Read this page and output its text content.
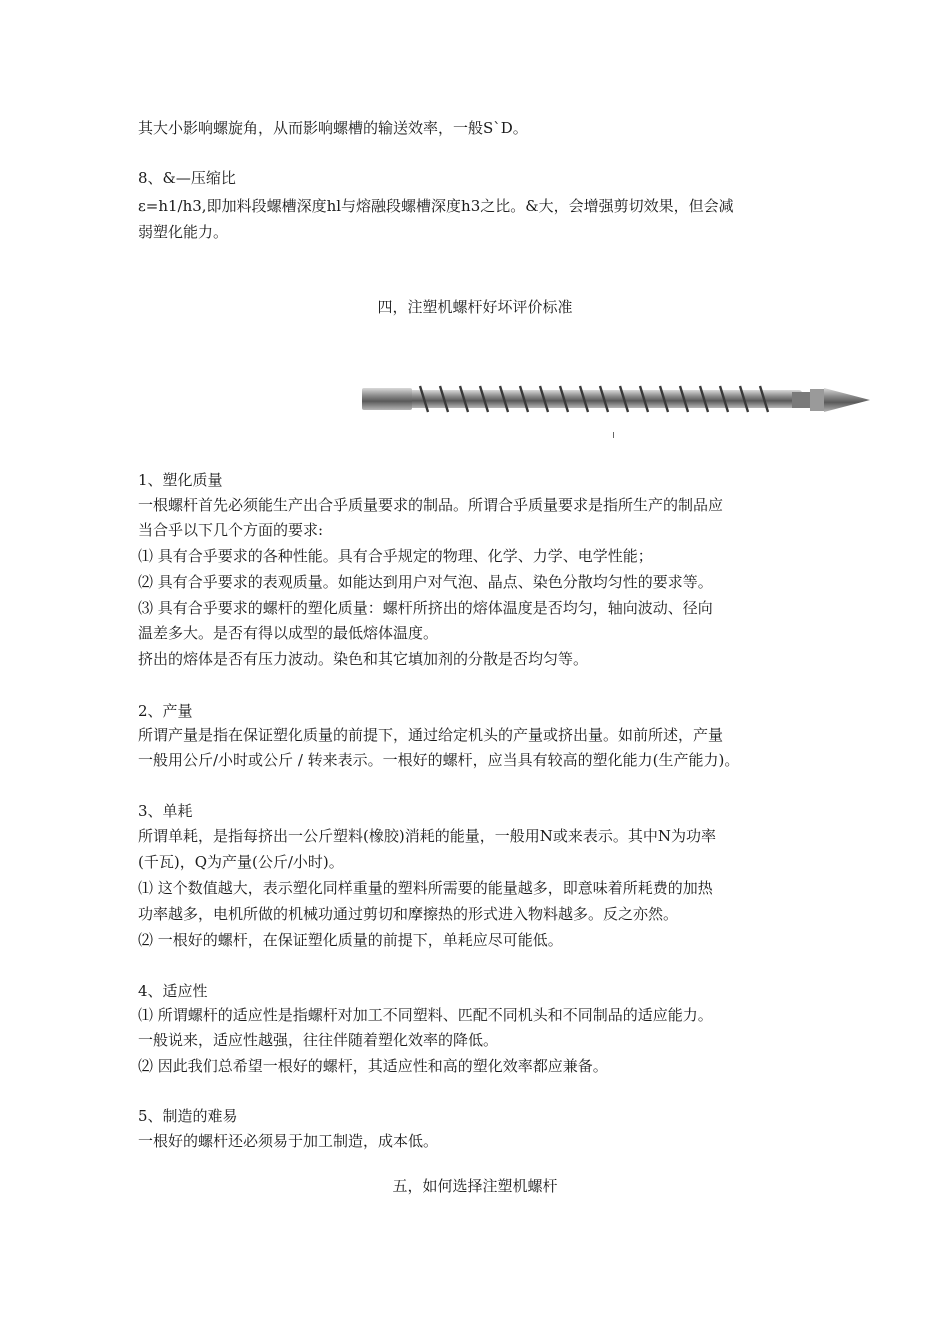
其大小影响螺旋角，从而影响螺槽的输送效率，一般S`D。
8、&—压缩比
ε=h1/h3,即加料段螺槽深度hl与熔融段螺槽深度h3之比。&大，会增强剪切效果，但会减
弱塑化能力。
四，注塑机螺杆好坏评价标准
1、塑化质量
一根螺杆首先必须能生产出合乎质量要求的制品。所谓合乎质量要求是指所生产的制品应
当合乎以下几个方面的要求:
⑴ 具有合乎要求的各种性能。具有合乎规定的物理、化学、力学、电学性能；
⑵ 具有合乎要求的表观质量。如能达到用户对气泡、晶点、染色分散均匀性的要求等。
⑶ 具有合乎要求的螺杆的塑化质量：螺杆所挤出的熔体温度是否均匀，轴向波动、径向
温差多大。是否有得以成型的最低熔体温度。
挤出的熔体是否有压力波动。染色和其它填加剂的分散是否均匀等。
2、产量
所谓产量是指在保证塑化质量的前提下，通过给定机头的产量或挤出量。如前所述，产量
一般用公斤/小时或公斤 / 转来表示。一根好的螺杆，应当具有较高的塑化能力(生产能力)。
3、单耗
所谓单耗，是指每挤出一公斤塑料(橡胶)消耗的能量，一般用N或来表示。其中N为功率
(千瓦)，Q为产量(公斤/小时)。
⑴ 这个数值越大，表示塑化同样重量的塑料所需要的能量越多，即意味着所耗费的加热
功率越多，电机所做的机械功通过剪切和摩擦热的形式进入物料越多。反之亦然。
⑵ 一根好的螺杆，在保证塑化质量的前提下，单耗应尽可能低。
4、适应性
⑴ 所谓螺杆的适应性是指螺杆对加工不同塑料、匹配不同机头和不同制品的适应能力。
一般说来，适应性越强，往往伴随着塑化效率的降低。
⑵ 因此我们总希望一根好的螺杆，其适应性和高的塑化效率都应兼备。
5、制造的难易
一根好的螺杆还必须易于加工制造，成本低。
五，如何选择注塑机螺杆
